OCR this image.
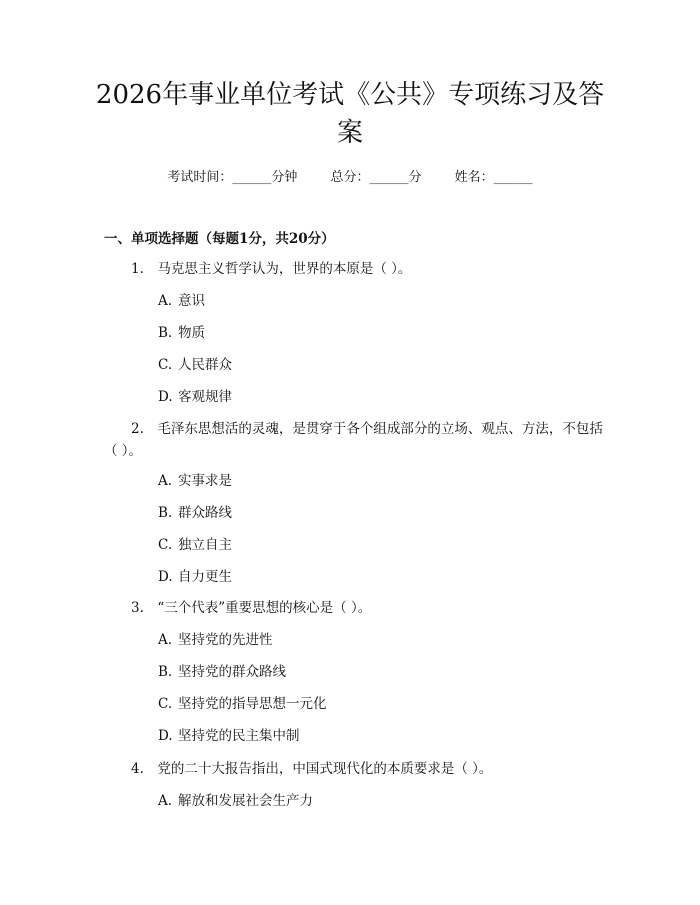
2026年事业单位考试《公共》专项练习及答案
考试时间：______分钟	总分：______分	姓名：______
一、单项选择题（每题1分，共20分）
1.　马克思主义哲学认为，世界的本原是（ ）。
A. 意识
B. 物质
C. 人民群众
D. 客观规律
2.　毛泽东思想活的灵魂，是贯穿于各个组成部分的立场、观点、方法，不包括（ ）。
A. 实事求是
B. 群众路线
C. 独立自主
D. 自力更生
3.　“三个代表”重要思想的核心是（ ）。
A. 坚持党的先进性
B. 坚持党的群众路线
C. 坚持党的指导思想一元化
D. 坚持党的民主集中制
4.　党的二十大报告指出，中国式现代化的本质要求是（ ）。
A. 解放和发展社会生产力
